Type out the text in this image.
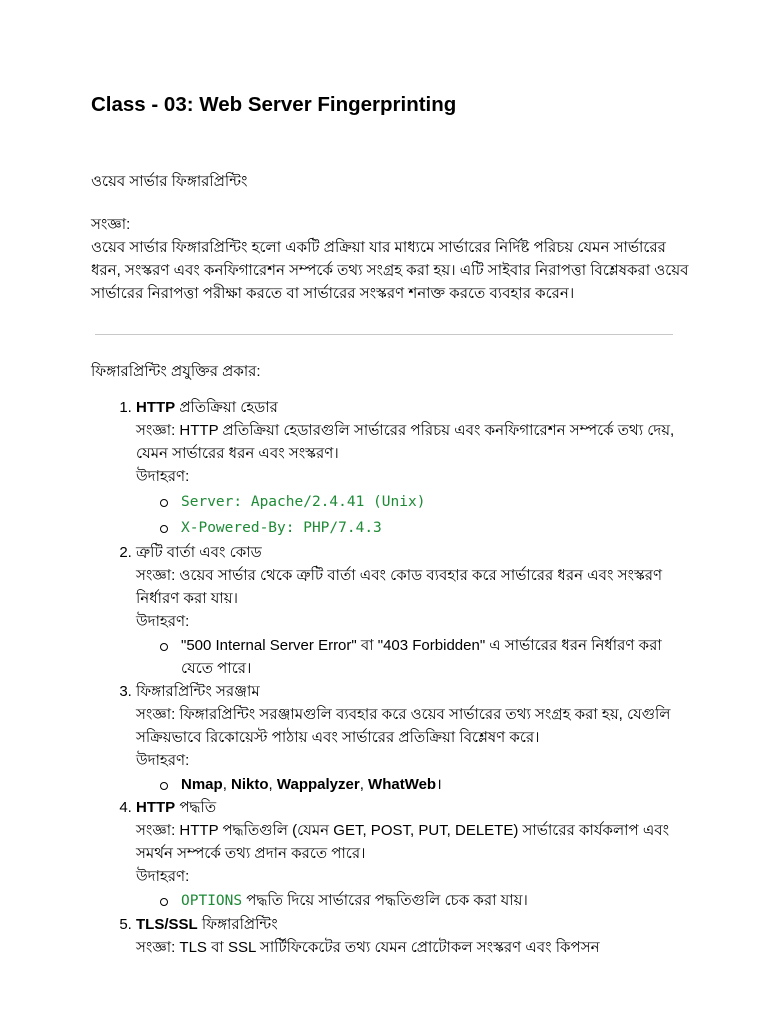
Class - 03: Web Server Fingerprinting

ওয়েব সার্ভার ফিঙ্গারপ্রিন্টিং

সংজ্ঞা:

ওয়েব সার্ভার ফিঙ্গারপ্রিন্টিং হলো একটি প্রক্রিয়া যার মাধ্যমে সার্ভারের নির্দিষ্ট পরিচয় যেমন সার্ভারের ধরন, সংস্করণ এবং কনফিগারেশন সম্পর্কে তথ্য সংগ্রহ করা হয়। এটি সাইবার নিরাপত্তা বিশ্লেষকরা ওয়েব সার্ভারের নিরাপত্তা পরীক্ষা করতে বা সার্ভারের সংস্করণ শনাক্ত করতে ব্যবহার করেন।

ফিঙ্গারপ্রিন্টিং প্রযুক্তির প্রকার:

1. HTTP প্রতিক্রিয়া হেডার
সংজ্ঞা: HTTP প্রতিক্রিয়া হেডারগুলি সার্ভারের পরিচয় এবং কনফিগারেশন সম্পর্কে তথ্য দেয়, যেমন সার্ভারের ধরন এবং সংস্করণ।
উদাহরণ:
Server: Apache/2.4.41 (Unix)
X-Powered-By: PHP/7.4.3
2. ত্রুটি বার্তা এবং কোড
সংজ্ঞা: ওয়েব সার্ভার থেকে ত্রুটি বার্তা এবং কোড ব্যবহার করে সার্ভারের ধরন এবং সংস্করণ নির্ধারণ করা যায়।
উদাহরণ:
"500 Internal Server Error" বা "403 Forbidden" এ সার্ভারের ধরন নির্ধারণ করা যেতে পারে।
3. ফিঙ্গারপ্রিন্টিং সরঞ্জাম
সংজ্ঞা: ফিঙ্গারপ্রিন্টিং সরঞ্জামগুলি ব্যবহার করে ওয়েব সার্ভারের তথ্য সংগ্রহ করা হয়, যেগুলি সক্রিয়ভাবে রিকোয়েস্ট পাঠায় এবং সার্ভারের প্রতিক্রিয়া বিশ্লেষণ করে।
উদাহরণ:
Nmap, Nikto, Wappalyzer, WhatWeb।
4. HTTP পদ্ধতি
সংজ্ঞা: HTTP পদ্ধতিগুলি (যেমন GET, POST, PUT, DELETE) সার্ভারের কার্যকলাপ এবং সমর্থন সম্পর্কে তথ্য প্রদান করতে পারে।
উদাহরণ:
OPTIONS পদ্ধতি দিয়ে সার্ভারের পদ্ধতিগুলি চেক করা যায়।
5. TLS/SSL ফিঙ্গারপ্রিন্টিং
সংজ্ঞা: TLS বা SSL সার্টিফিকেটের তথ্য যেমন প্রোটোকল সংস্করণ এবং কিপসন
